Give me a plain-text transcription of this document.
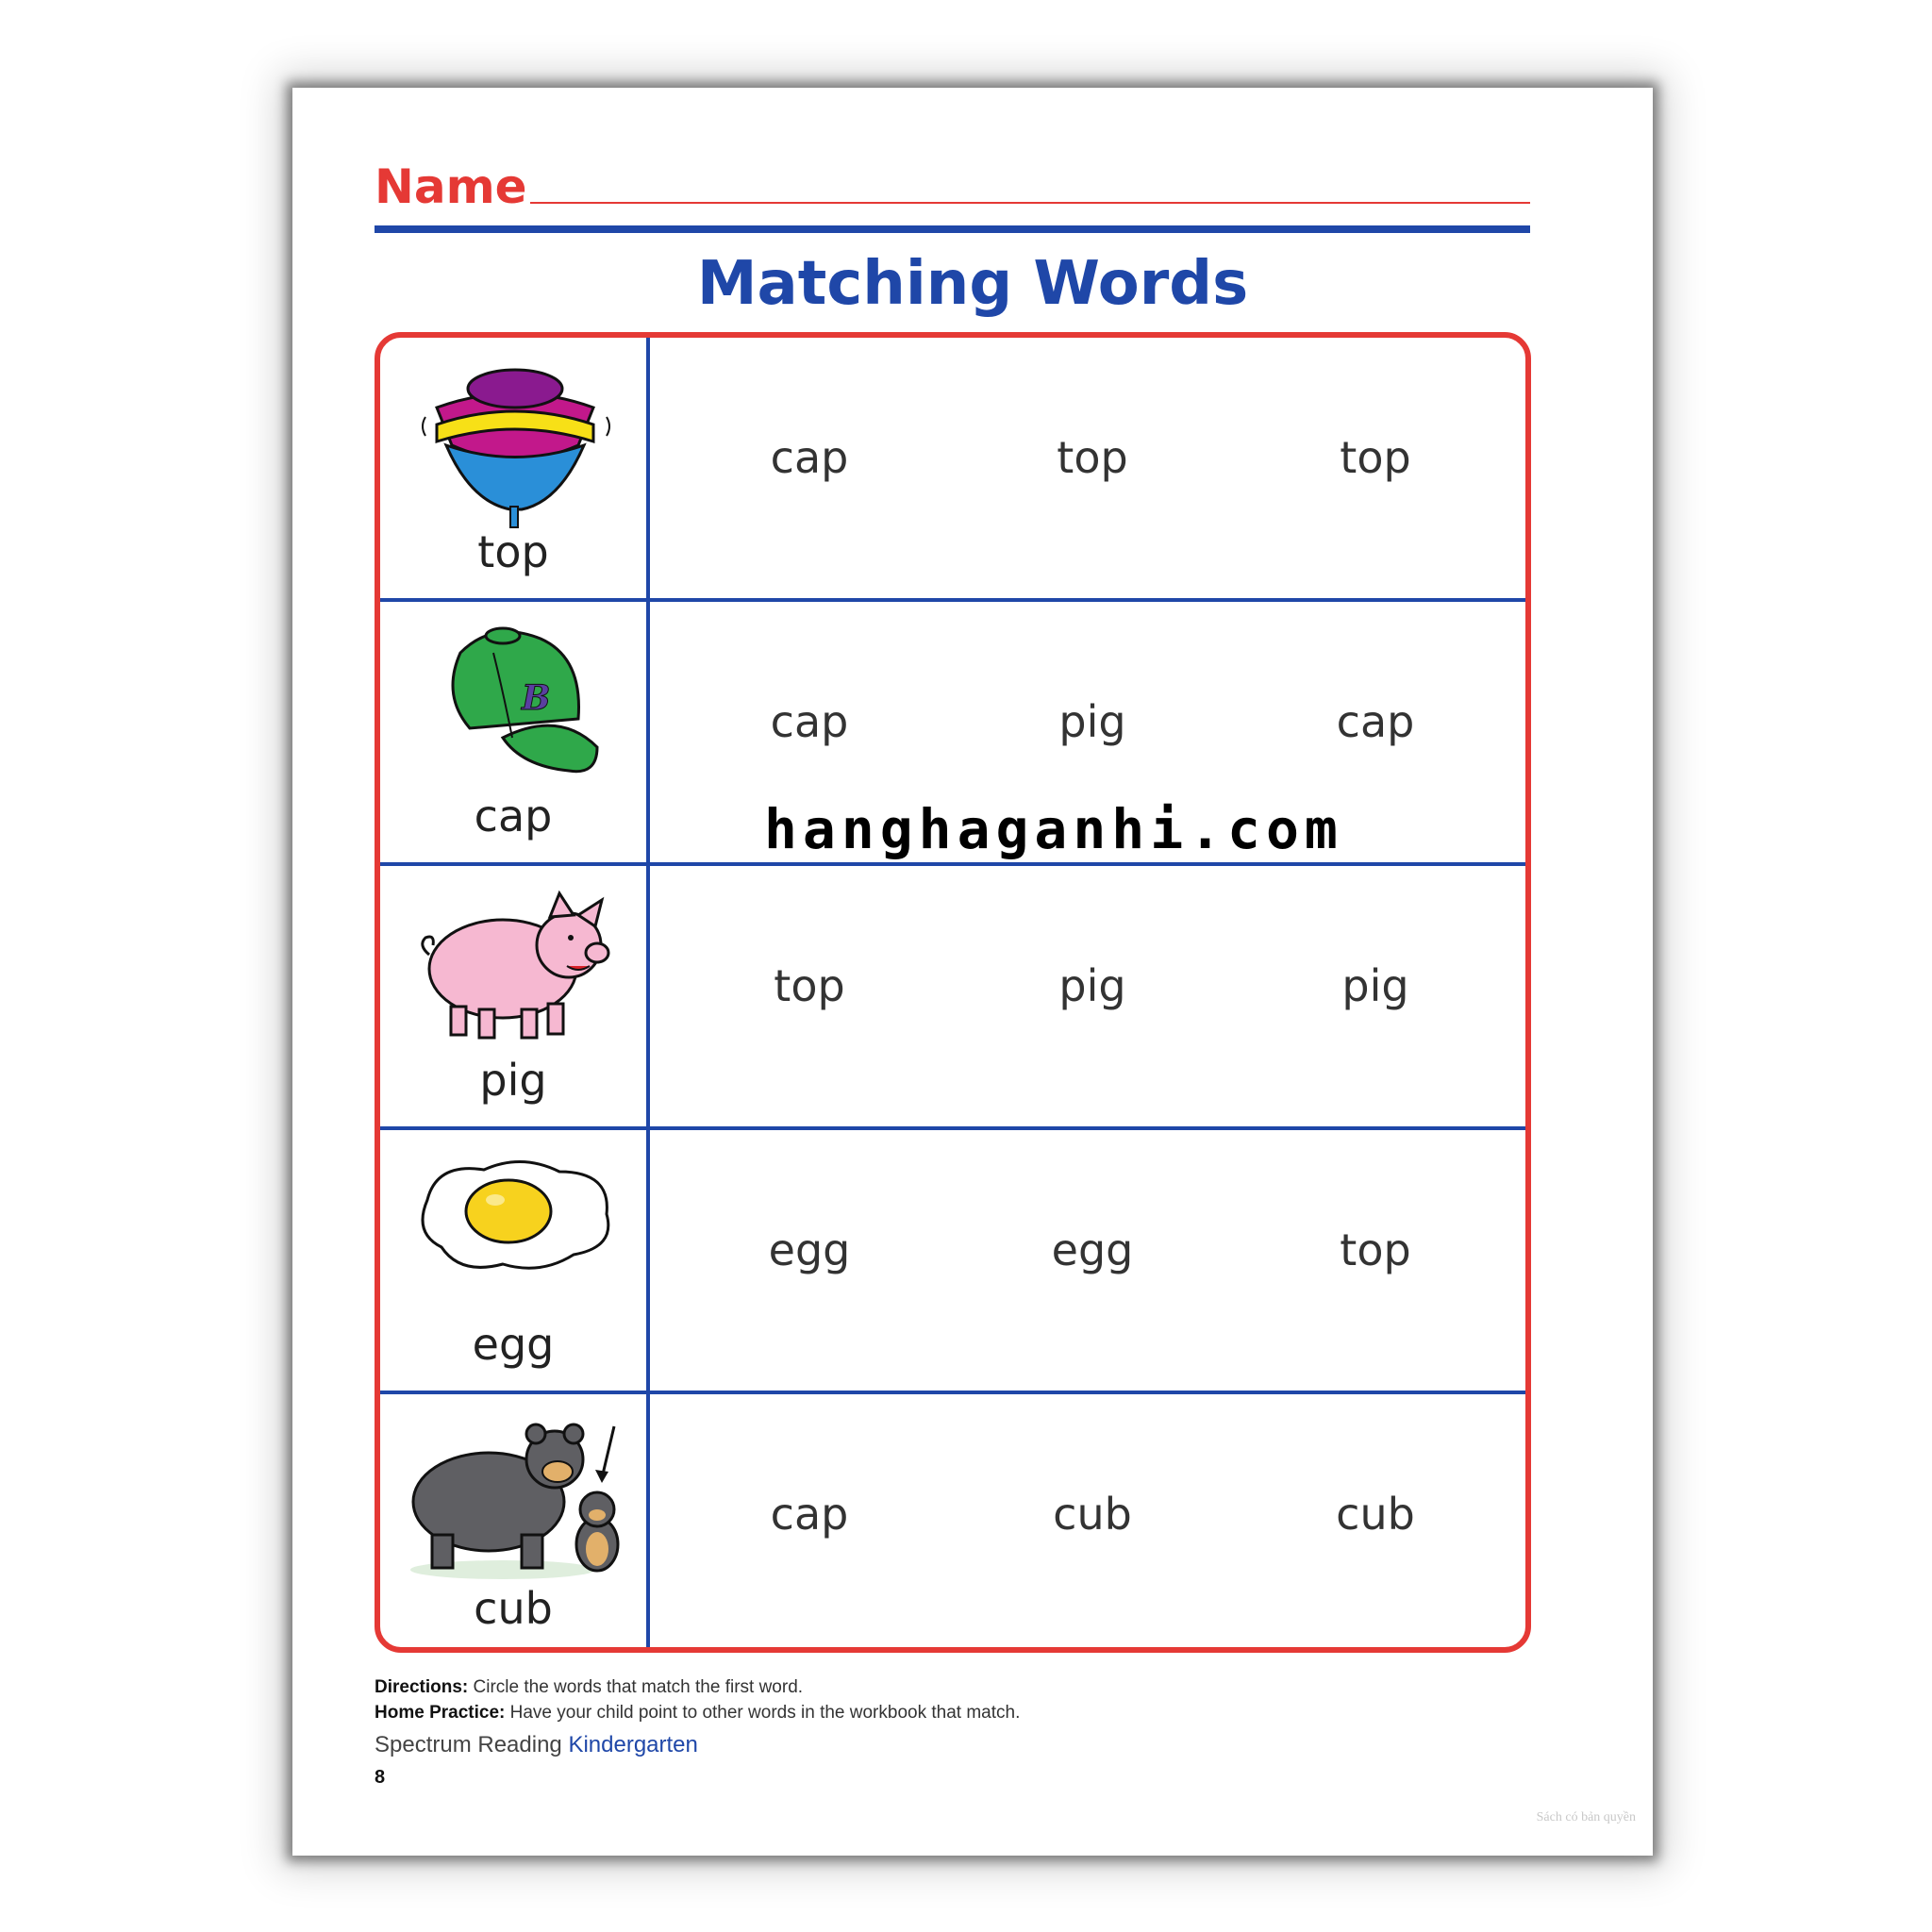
Name
Matching Words
top
cap	top	top
B
cap
cap	pig	cap
pig
top	pig	pig
egg
egg	egg	top
cub
cap	cub	cub
hanghaganhi.com
Directions: Circle the words that match the first word.
Home Practice: Have your child point to other words in the workbook that match.
Spectrum Reading Kindergarten
8
Sách có bản quyền
